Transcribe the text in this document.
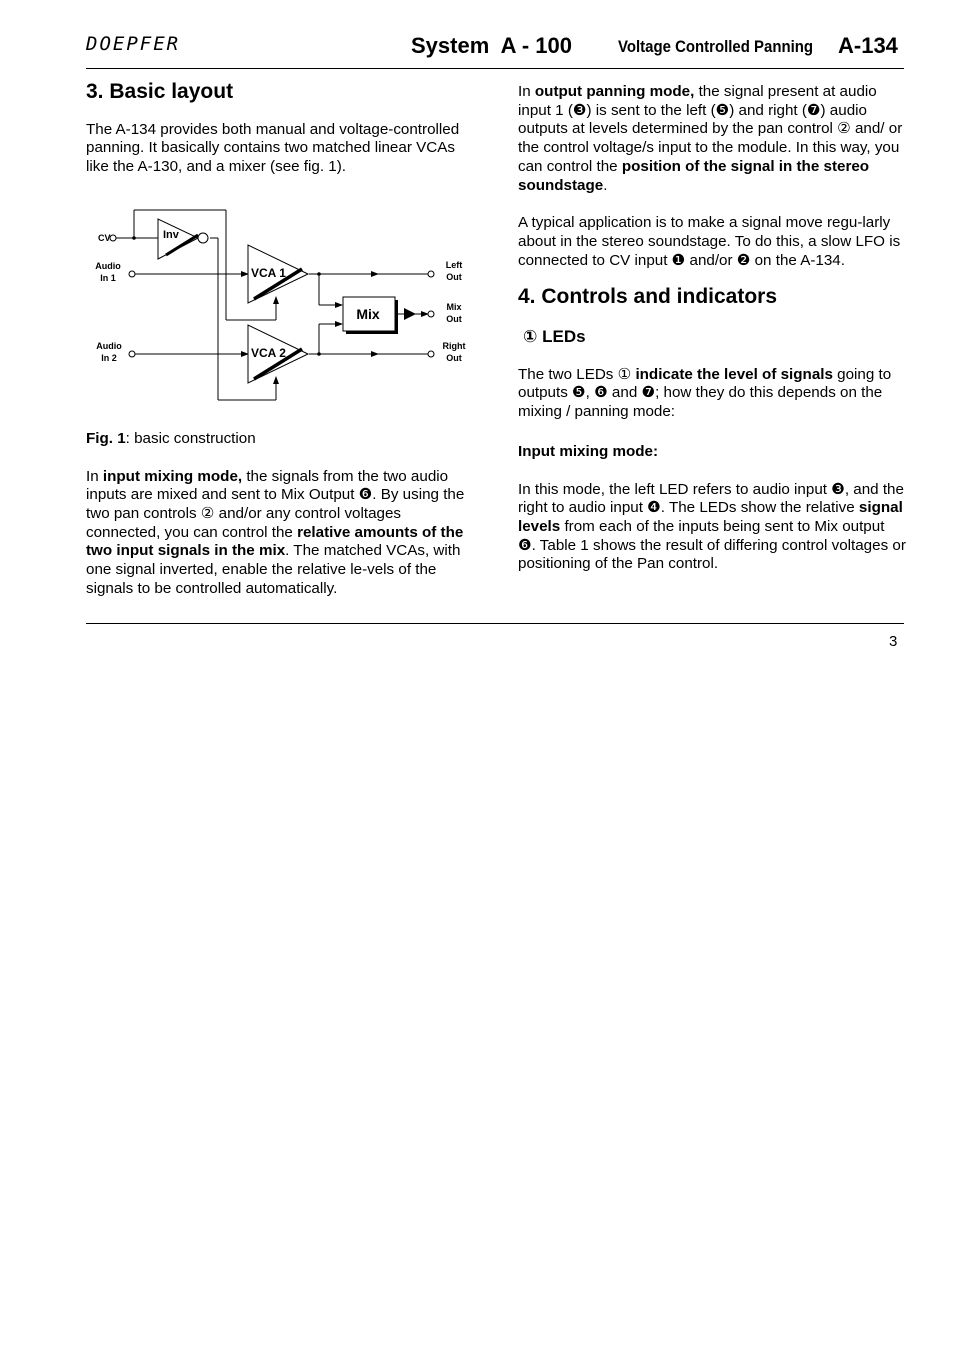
DOEPFER	System  A - 100	Voltage Controlled Panning A-134
3. Basic layout

The A-134 provides both manual and voltage-controlled panning. It basically contains two matched linear VCAs like the A-130, and a mixer (see fig. 1).

CV
Audio
In 1
Audio
In 2
Inv
VCA 1
VCA 2
Mix
Left
Out
Mix
Out
Right
Out

Fig. 1: basic construction

In input mixing mode, the signals from the two audio inputs are mixed and sent to Mix Output ❻. By using the two pan controls ② and/or any control voltages connected, you can control the relative amounts of the two input signals in the mix. The matched VCAs, with one signal inverted, enable the relative le-vels of the signals to be controlled automatically.

In output panning mode, the signal present at audio input 1 (❸) is sent to the left (❺) and right (❼) audio outputs at levels determined by the pan control ② and/ or the control voltage/s input to the module. In this way, you can control the position of the signal in the stereo soundstage.

A typical application is to make a signal move regu-larly about in the stereo soundstage. To do this, a slow LFO is connected to CV input ❶ and/or ❷ on the A-134.

4. Controls and indicators
① LEDs

The two LEDs ① indicate the level of signals going to outputs ❺, ❻ and ❼; how they do this depends on the mixing / panning mode:

Input mixing mode:

In this mode, the left LED refers to audio input ❸, and the right to audio input ❹. The LEDs show the relative signal levels from each of the inputs being sent to Mix output ❻. Table 1 shows the result of differing control voltages or positioning of the Pan control.

3
